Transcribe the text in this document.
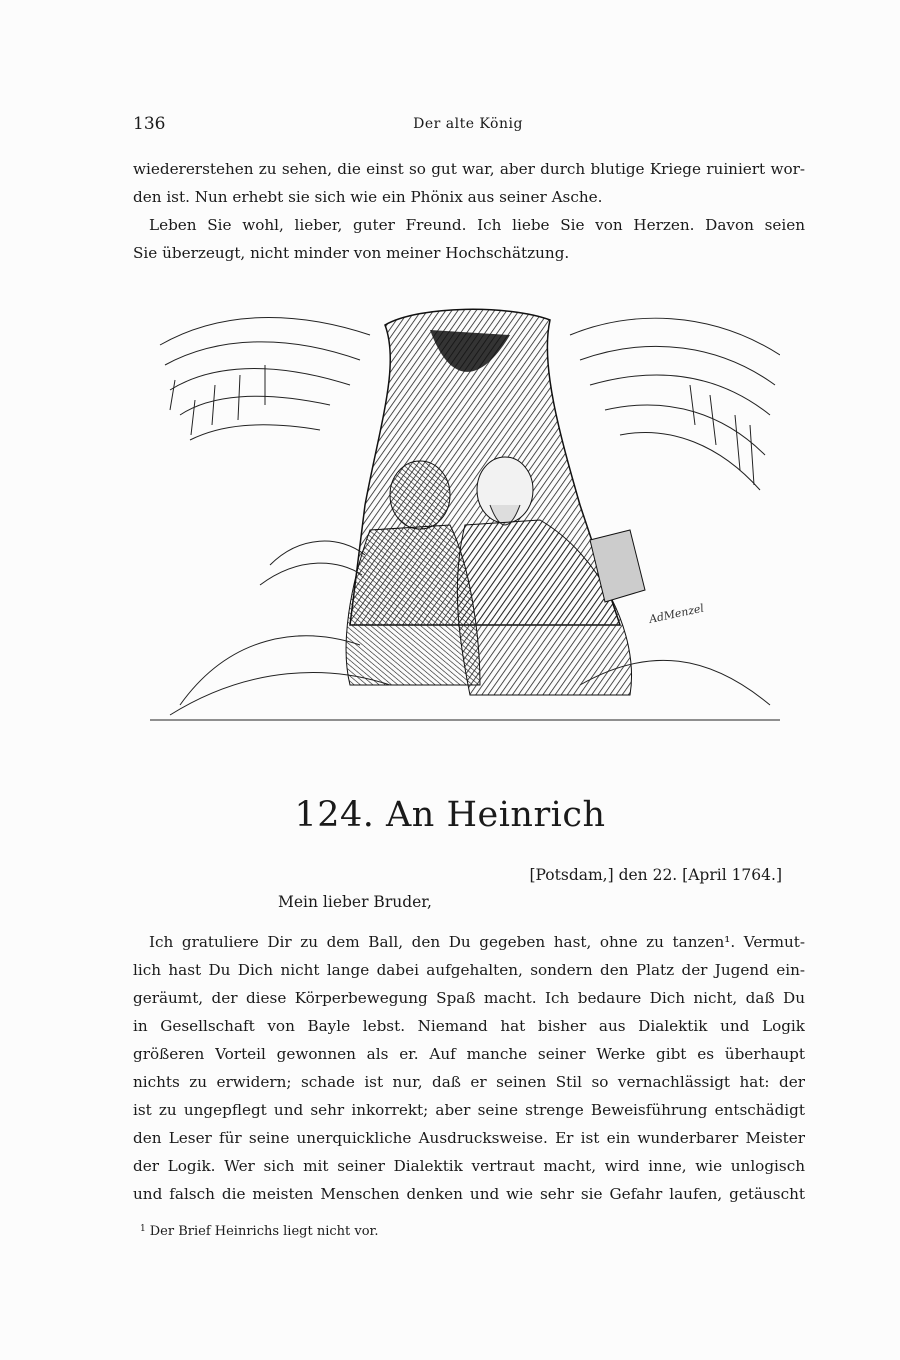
136	Der alte König
wiedererstehen zu sehen, die einst so gut war, aber durch blutige Kriege ruiniert wor-
den ist. Nun erhebt sie sich wie ein Phönix aus seiner Asche.
Leben Sie wohl, lieber, guter Freund. Ich liebe Sie von Herzen. Davon seien
Sie überzeugt, nicht minder von meiner Hochschätzung.
AdMenzel
124. An Heinrich
[Potsdam,] den 22. [April 1764.]
Mein lieber Bruder,
Ich gratuliere Dir zu dem Ball, den Du gegeben hast, ohne zu tanzen¹. Vermut-
lich hast Du Dich nicht lange dabei aufgehalten, sondern den Platz der Jugend ein-
geräumt, der diese Körperbewegung Spaß macht. Ich bedaure Dich nicht, daß Du
in Gesellschaft von Bayle lebst. Niemand hat bisher aus Dialektik und Logik
größeren Vorteil gewonnen als er. Auf manche seiner Werke gibt es überhaupt
nichts zu erwidern; schade ist nur, daß er seinen Stil so vernachlässigt hat: der
ist zu ungepflegt und sehr inkorrekt; aber seine strenge Beweisführung entschädigt
den Leser für seine unerquickliche Ausdrucksweise. Er ist ein wunderbarer Meister
der Logik. Wer sich mit seiner Dialektik vertraut macht, wird inne, wie unlogisch
und falsch die meisten Menschen denken und wie sehr sie Gefahr laufen, getäuscht
$^1$ Der Brief Heinrichs liegt nicht vor.
